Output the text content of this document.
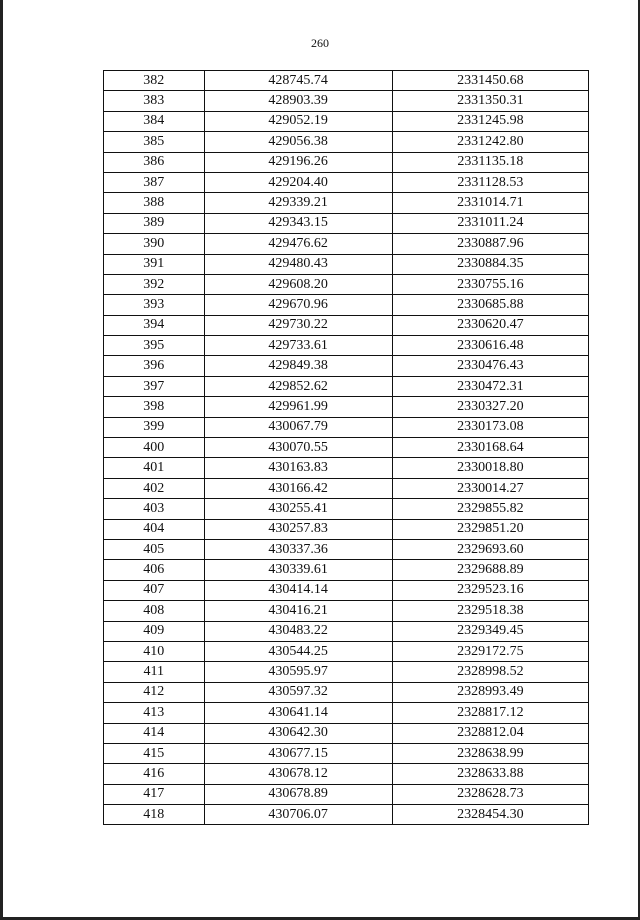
260
382	428745.74	2331450.68
383	428903.39	2331350.31
384	429052.19	2331245.98
385	429056.38	2331242.80
386	429196.26	2331135.18
387	429204.40	2331128.53
388	429339.21	2331014.71
389	429343.15	2331011.24
390	429476.62	2330887.96
391	429480.43	2330884.35
392	429608.20	2330755.16
393	429670.96	2330685.88
394	429730.22	2330620.47
395	429733.61	2330616.48
396	429849.38	2330476.43
397	429852.62	2330472.31
398	429961.99	2330327.20
399	430067.79	2330173.08
400	430070.55	2330168.64
401	430163.83	2330018.80
402	430166.42	2330014.27
403	430255.41	2329855.82
404	430257.83	2329851.20
405	430337.36	2329693.60
406	430339.61	2329688.89
407	430414.14	2329523.16
408	430416.21	2329518.38
409	430483.22	2329349.45
410	430544.25	2329172.75
411	430595.97	2328998.52
412	430597.32	2328993.49
413	430641.14	2328817.12
414	430642.30	2328812.04
415	430677.15	2328638.99
416	430678.12	2328633.88
417	430678.89	2328628.73
418	430706.07	2328454.30
